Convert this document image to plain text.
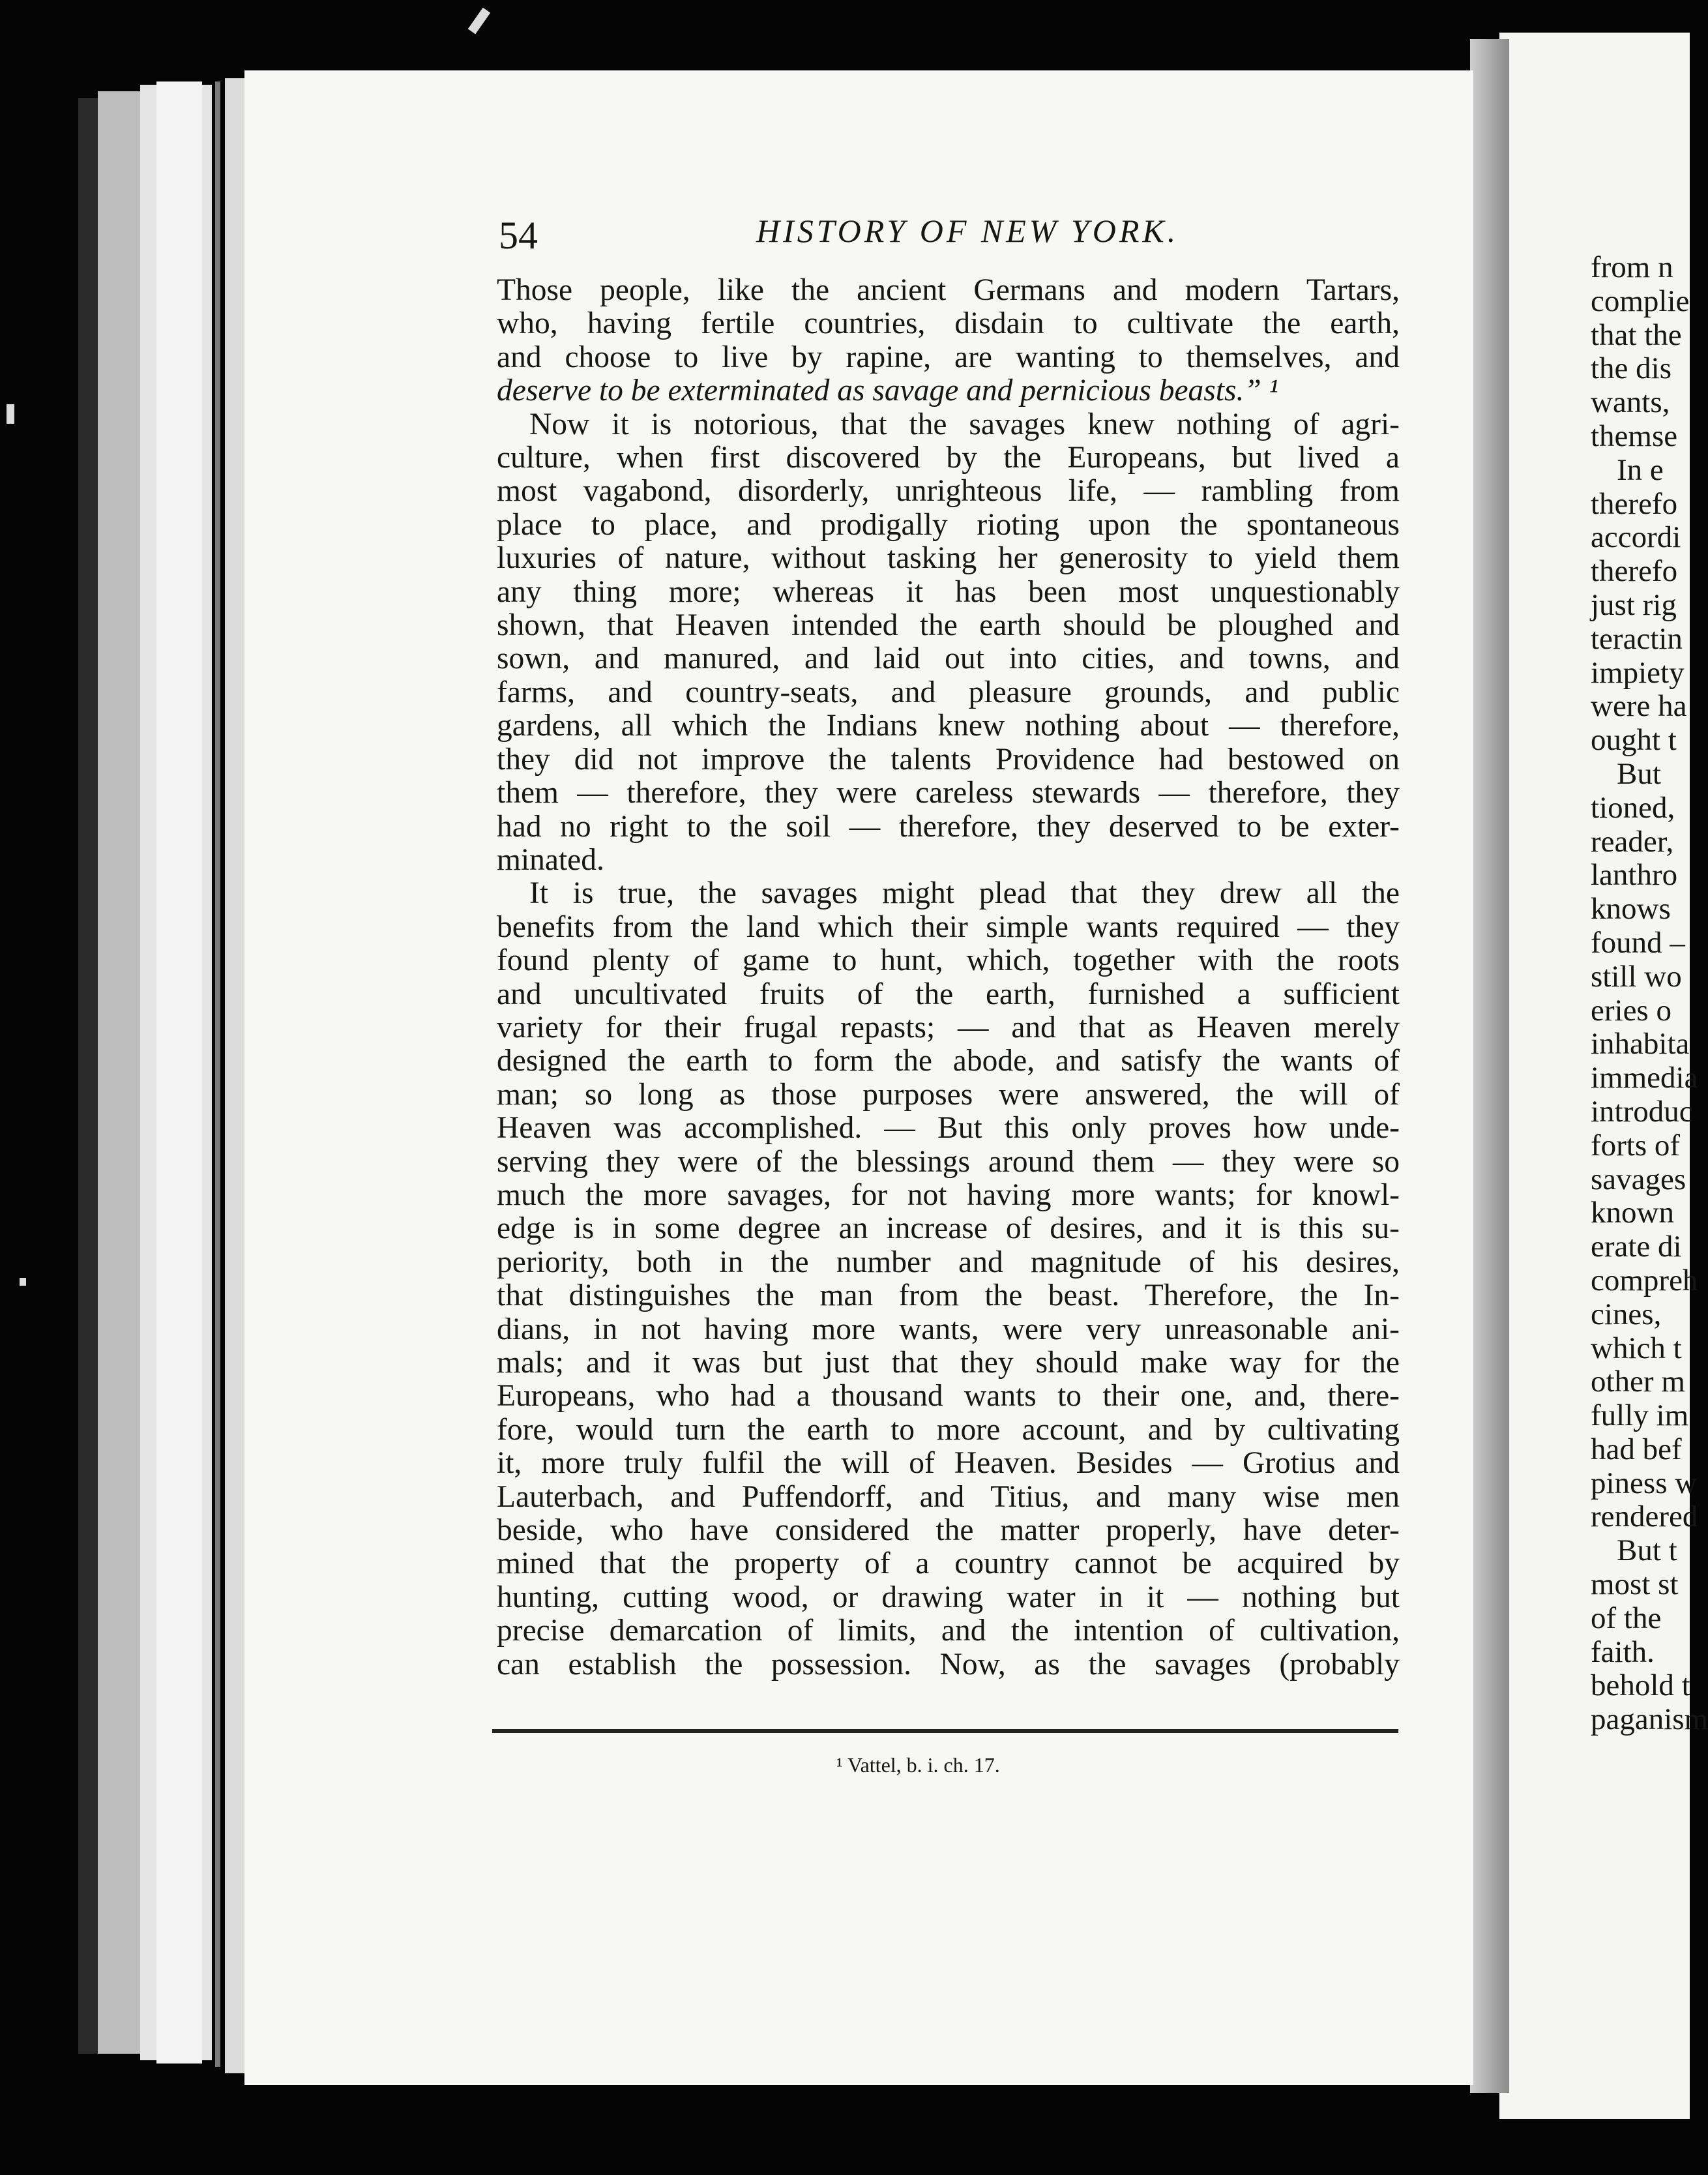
54	HISTORY OF NEW YORK.
Those people, like the ancient Germans and modern Tartars,
who, having fertile countries, disdain to cultivate the earth,
and choose to live by rapine, are wanting to themselves, and
deserve to be exterminated as savage and pernicious beasts.” ¹
Now it is notorious, that the savages knew nothing of agri-
culture, when first discovered by the Europeans, but lived a
most vagabond, disorderly, unrighteous life, — rambling from
place to place, and prodigally rioting upon the spontaneous
luxuries of nature, without tasking her generosity to yield them
any thing more; whereas it has been most unquestionably
shown, that Heaven intended the earth should be ploughed and
sown, and manured, and laid out into cities, and towns, and
farms, and country-seats, and pleasure grounds, and public
gardens, all which the Indians knew nothing about — therefore,
they did not improve the talents Providence had bestowed on
them — therefore, they were careless stewards — therefore, they
had no right to the soil — therefore, they deserved to be exter-
minated.
It is true, the savages might plead that they drew all the
benefits from the land which their simple wants required — they
found plenty of game to hunt, which, together with the roots
and uncultivated fruits of the earth, furnished a sufficient
variety for their frugal repasts; — and that as Heaven merely
designed the earth to form the abode, and satisfy the wants of
man; so long as those purposes were answered, the will of
Heaven was accomplished. — But this only proves how unde-
serving they were of the blessings around them — they were so
much the more savages, for not having more wants; for knowl-
edge is in some degree an increase of desires, and it is this su-
periority, both in the number and magnitude of his desires,
that distinguishes the man from the beast. Therefore, the In-
dians, in not having more wants, were very unreasonable ani-
mals; and it was but just that they should make way for the
Europeans, who had a thousand wants to their one, and, there-
fore, would turn the earth to more account, and by cultivating
it, more truly fulfil the will of Heaven. Besides — Grotius and
Lauterbach, and Puffendorff, and Titius, and many wise men
beside, who have considered the matter properly, have deter-
mined that the property of a country cannot be acquired by
hunting, cutting wood, or drawing water in it — nothing but
precise demarcation of limits, and the intention of cultivation,
can establish the possession. Now, as the savages (probably
¹ Vattel, b. i. ch. 17.
from n
complie
that the
the dis
wants,
themse
In e
therefo
accordi
therefo
just rig
teractin
impiety
were ha
ought t
But
tioned,
reader,
lanthro
knows
found –
still wo
eries o
inhabita
immedia
introduc
forts of
savages
known
erate di
compreh
cines,
which t
other m
fully im
had bef
piness w
rendered
But t
most st
of the
faith.
behold t
paganism
